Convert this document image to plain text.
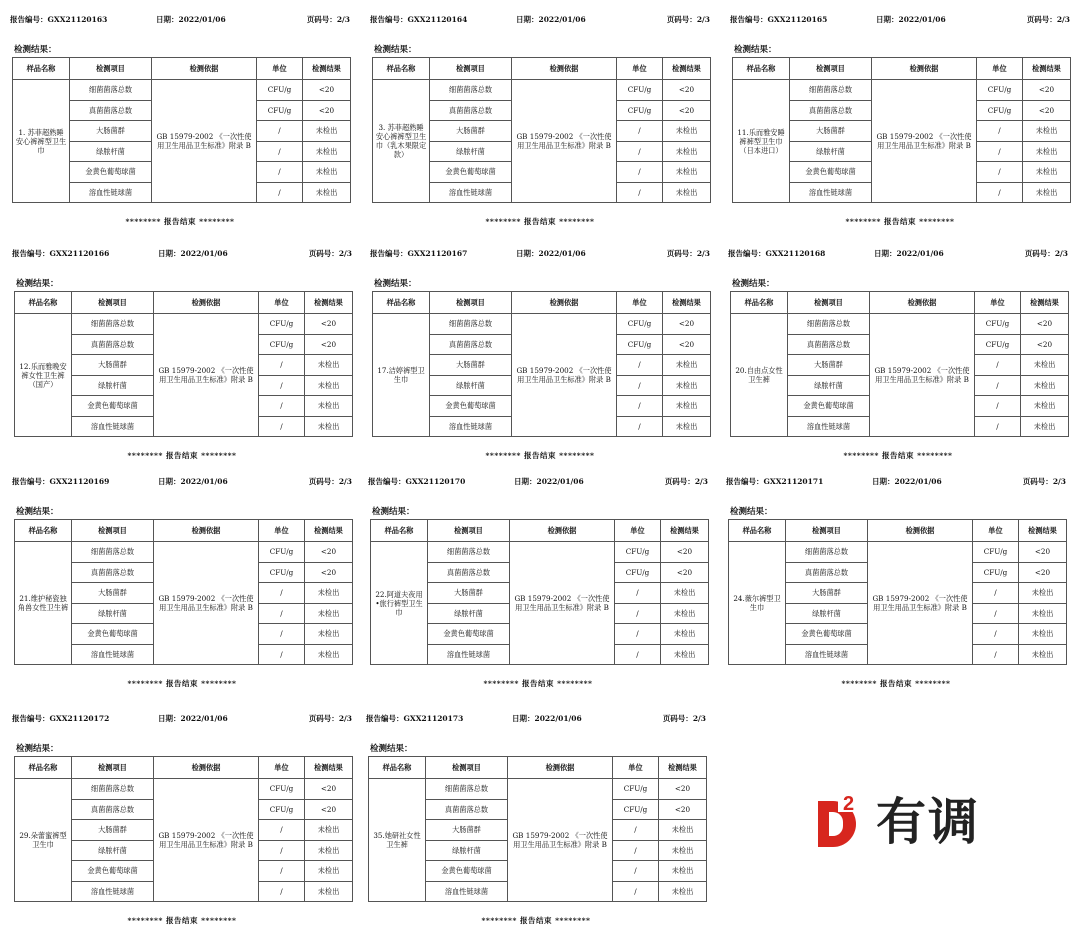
报告编号：GXX21120163	日期：2022/01/06	页码号：2/3
检测结果：
样品名称	检测项目	检测依据	单位	检测结果
1. 苏菲超熟睡安心裤裤型卫生巾	细菌菌落总数	GB 15979-2002 《一次性使用卫生用品卫生标准》附录 B	CFU/g	<20
	真菌菌落总数		CFU/g	<20
	大肠菌群		/	未检出
	绿脓杆菌		/	未检出
	金黄色葡萄球菌		/	未检出
	溶血性链球菌		/	未检出
******** 报告结束 ********
报告编号：GXX21120164	日期：2022/01/06	页码号：2/3
检测结果：
样品名称	检测项目	检测依据	单位	检测结果
3. 苏菲超熟睡安心裤裤型卫生巾（乳木果限定款）	细菌菌落总数	GB 15979-2002 《一次性使用卫生用品卫生标准》附录 B	CFU/g	<20
	真菌菌落总数		CFU/g	<20
	大肠菌群		/	未检出
	绿脓杆菌		/	未检出
	金黄色葡萄球菌		/	未检出
	溶血性链球菌		/	未检出
******** 报告结束 ********
报告编号：GXX21120165	日期：2022/01/06	页码号：2/3
检测结果：
样品名称	检测项目	检测依据	单位	检测结果
11.乐而雅安睡裤裤型卫生巾（日本进口）	细菌菌落总数	GB 15979-2002 《一次性使用卫生用品卫生标准》附录 B	CFU/g	<20
	真菌菌落总数		CFU/g	<20
	大肠菌群		/	未检出
	绿脓杆菌		/	未检出
	金黄色葡萄球菌		/	未检出
	溶血性链球菌		/	未检出
******** 报告结束 ********
报告编号：GXX21120166	日期：2022/01/06	页码号：2/3
检测结果：
样品名称	检测项目	检测依据	单位	检测结果
12.乐而雅晚安裤女性卫生裤（国产）	细菌菌落总数	GB 15979-2002 《一次性使用卫生用品卫生标准》附录 B	CFU/g	<20
	真菌菌落总数		CFU/g	<20
	大肠菌群		/	未检出
	绿脓杆菌		/	未检出
	金黄色葡萄球菌		/	未检出
	溶血性链球菌		/	未检出
******** 报告结束 ********
报告编号：GXX21120167	日期：2022/01/06	页码号：2/3
检测结果：
样品名称	检测项目	检测依据	单位	检测结果
17.洁婷裤型卫生巾	细菌菌落总数	GB 15979-2002 《一次性使用卫生用品卫生标准》附录 B	CFU/g	<20
	真菌菌落总数		CFU/g	<20
	大肠菌群		/	未检出
	绿脓杆菌		/	未检出
	金黄色葡萄球菌		/	未检出
	溶血性链球菌		/	未检出
******** 报告结束 ********
报告编号：GXX21120168	日期：2022/01/06	页码号：2/3
检测结果：
样品名称	检测项目	检测依据	单位	检测结果
20.自由点女性卫生裤	细菌菌落总数	GB 15979-2002 《一次性使用卫生用品卫生标准》附录 B	CFU/g	<20
	真菌菌落总数		CFU/g	<20
	大肠菌群		/	未检出
	绿脓杆菌		/	未检出
	金黄色葡萄球菌		/	未检出
	溶血性链球菌		/	未检出
******** 报告结束 ********
报告编号：GXX21120169	日期：2022/01/06	页码号：2/3
检测结果：
样品名称	检测项目	检测依据	单位	检测结果
21.维护秘瓷独角兽女性卫生裤	细菌菌落总数	GB 15979-2002 《一次性使用卫生用品卫生标准》附录 B	CFU/g	<20
	真菌菌落总数		CFU/g	<20
	大肠菌群		/	未检出
	绿脓杆菌		/	未检出
	金黄色葡萄球菌		/	未检出
	溶血性链球菌		/	未检出
******** 报告结束 ********
报告编号：GXX21120170	日期：2022/01/06	页码号：2/3
检测结果：
样品名称	检测项目	检测依据	单位	检测结果
22.阿道夫夜用 •旅行裤型卫生巾	细菌菌落总数	GB 15979-2002 《一次性使用卫生用品卫生标准》附录 B	CFU/g	<20
	真菌菌落总数		CFU/g	<20
	大肠菌群		/	未检出
	绿脓杆菌		/	未检出
	金黄色葡萄球菌		/	未检出
	溶血性链球菌		/	未检出
******** 报告结束 ********
报告编号：GXX21120171	日期：2022/01/06	页码号：2/3
检测结果：
样品名称	检测项目	检测依据	单位	检测结果
24.薇尔裤型卫生巾	细菌菌落总数	GB 15979-2002 《一次性使用卫生用品卫生标准》附录 B	CFU/g	<20
	真菌菌落总数		CFU/g	<20
	大肠菌群		/	未检出
	绿脓杆菌		/	未检出
	金黄色葡萄球菌		/	未检出
	溶血性链球菌		/	未检出
******** 报告结束 ********
报告编号：GXX21120172	日期：2022/01/06	页码号：2/3
检测结果：
样品名称	检测项目	检测依据	单位	检测结果
29.朵蕾蜜裤型卫生巾	细菌菌落总数	GB 15979-2002 《一次性使用卫生用品卫生标准》附录 B	CFU/g	<20
	真菌菌落总数		CFU/g	<20
	大肠菌群		/	未检出
	绿脓杆菌		/	未检出
	金黄色葡萄球菌		/	未检出
	溶血性链球菌		/	未检出
******** 报告结束 ********
报告编号：GXX21120173	日期：2022/01/06	页码号：2/3
检测结果：
样品名称	检测项目	检测依据	单位	检测结果
35.她研社女性卫生裤	细菌菌落总数	GB 15979-2002 《一次性使用卫生用品卫生标准》附录 B	CFU/g	<20
	真菌菌落总数		CFU/g	<20
	大肠菌群		/	未检出
	绿脓杆菌		/	未检出
	金黄色葡萄球菌		/	未检出
	溶血性链球菌		/	未检出
******** 报告结束 ********
2 有调
